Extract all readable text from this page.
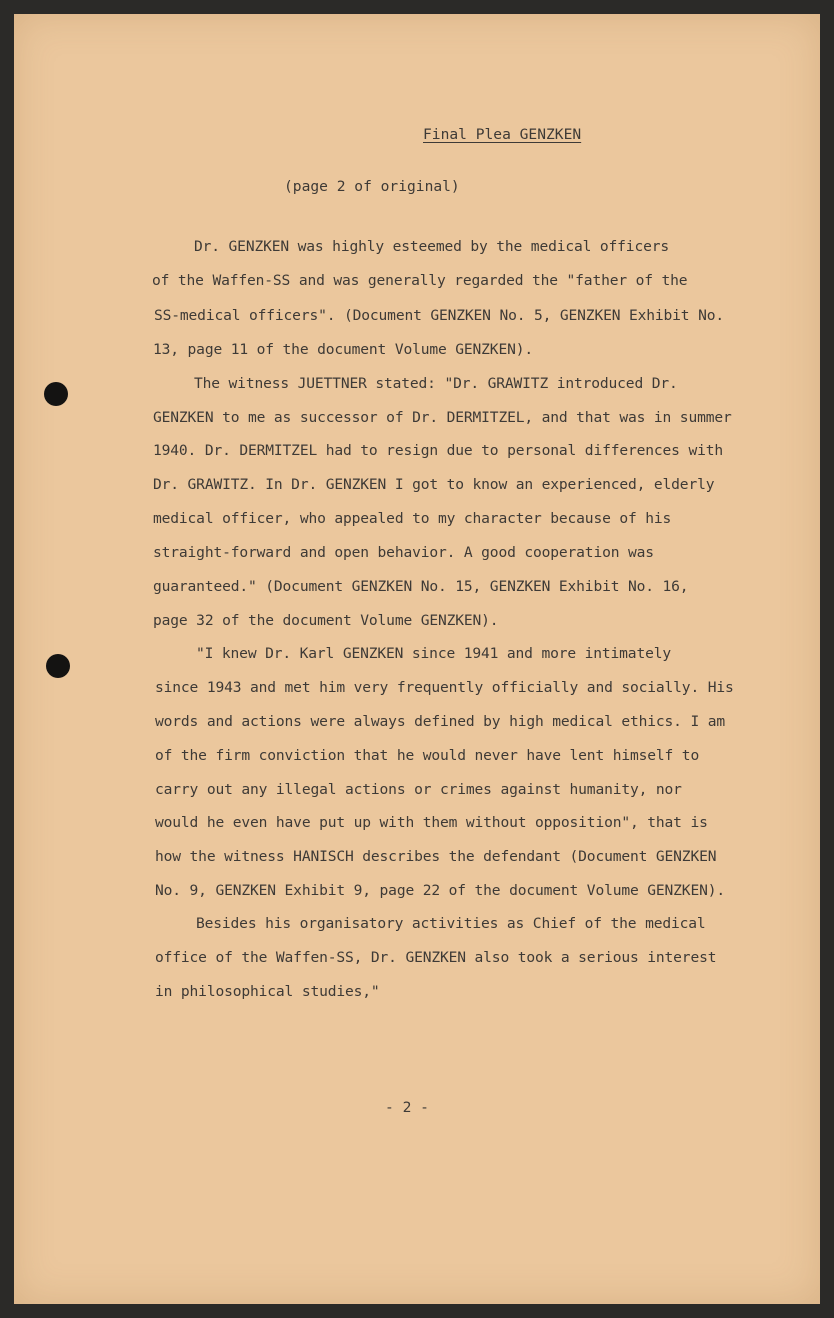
Final Plea GENZKEN
(page 2 of original)
Dr. GENZKEN was highly esteemed by the medical officers
of the Waffen-SS and was generally regarded the "father of the
SS-medical officers". (Document GENZKEN No. 5, GENZKEN Exhibit No.
13, page 11 of the document Volume GENZKEN).
The witness JUETTNER stated: "Dr. GRAWITZ introduced Dr.
GENZKEN to me as successor of Dr. DERMITZEL, and that was in summer
1940. Dr. DERMITZEL had to resign due to personal differences with
Dr. GRAWITZ. In Dr. GENZKEN I got to know an experienced, elderly
medical officer, who appealed to my character because of his
straight-forward and open behavior. A good cooperation was
guaranteed." (Document GENZKEN No. 15, GENZKEN Exhibit No. 16,
page 32 of the document Volume GENZKEN).
"I knew Dr. Karl GENZKEN since 1941 and more intimately
since 1943 and met him very frequently officially and socially. His
words and actions were always defined by high medical ethics. I am
of the firm conviction that he would never have lent himself to
carry out any illegal actions or crimes against humanity, nor
would he even have put up with them without opposition", that is
how the witness HANISCH describes the defendant (Document GENZKEN
No. 9, GENZKEN Exhibit 9, page 22 of the document Volume GENZKEN).
Besides his organisatory activities as Chief of the medical
office of the Waffen-SS, Dr. GENZKEN also took a serious interest
in philosophical studies,"
- 2 -
